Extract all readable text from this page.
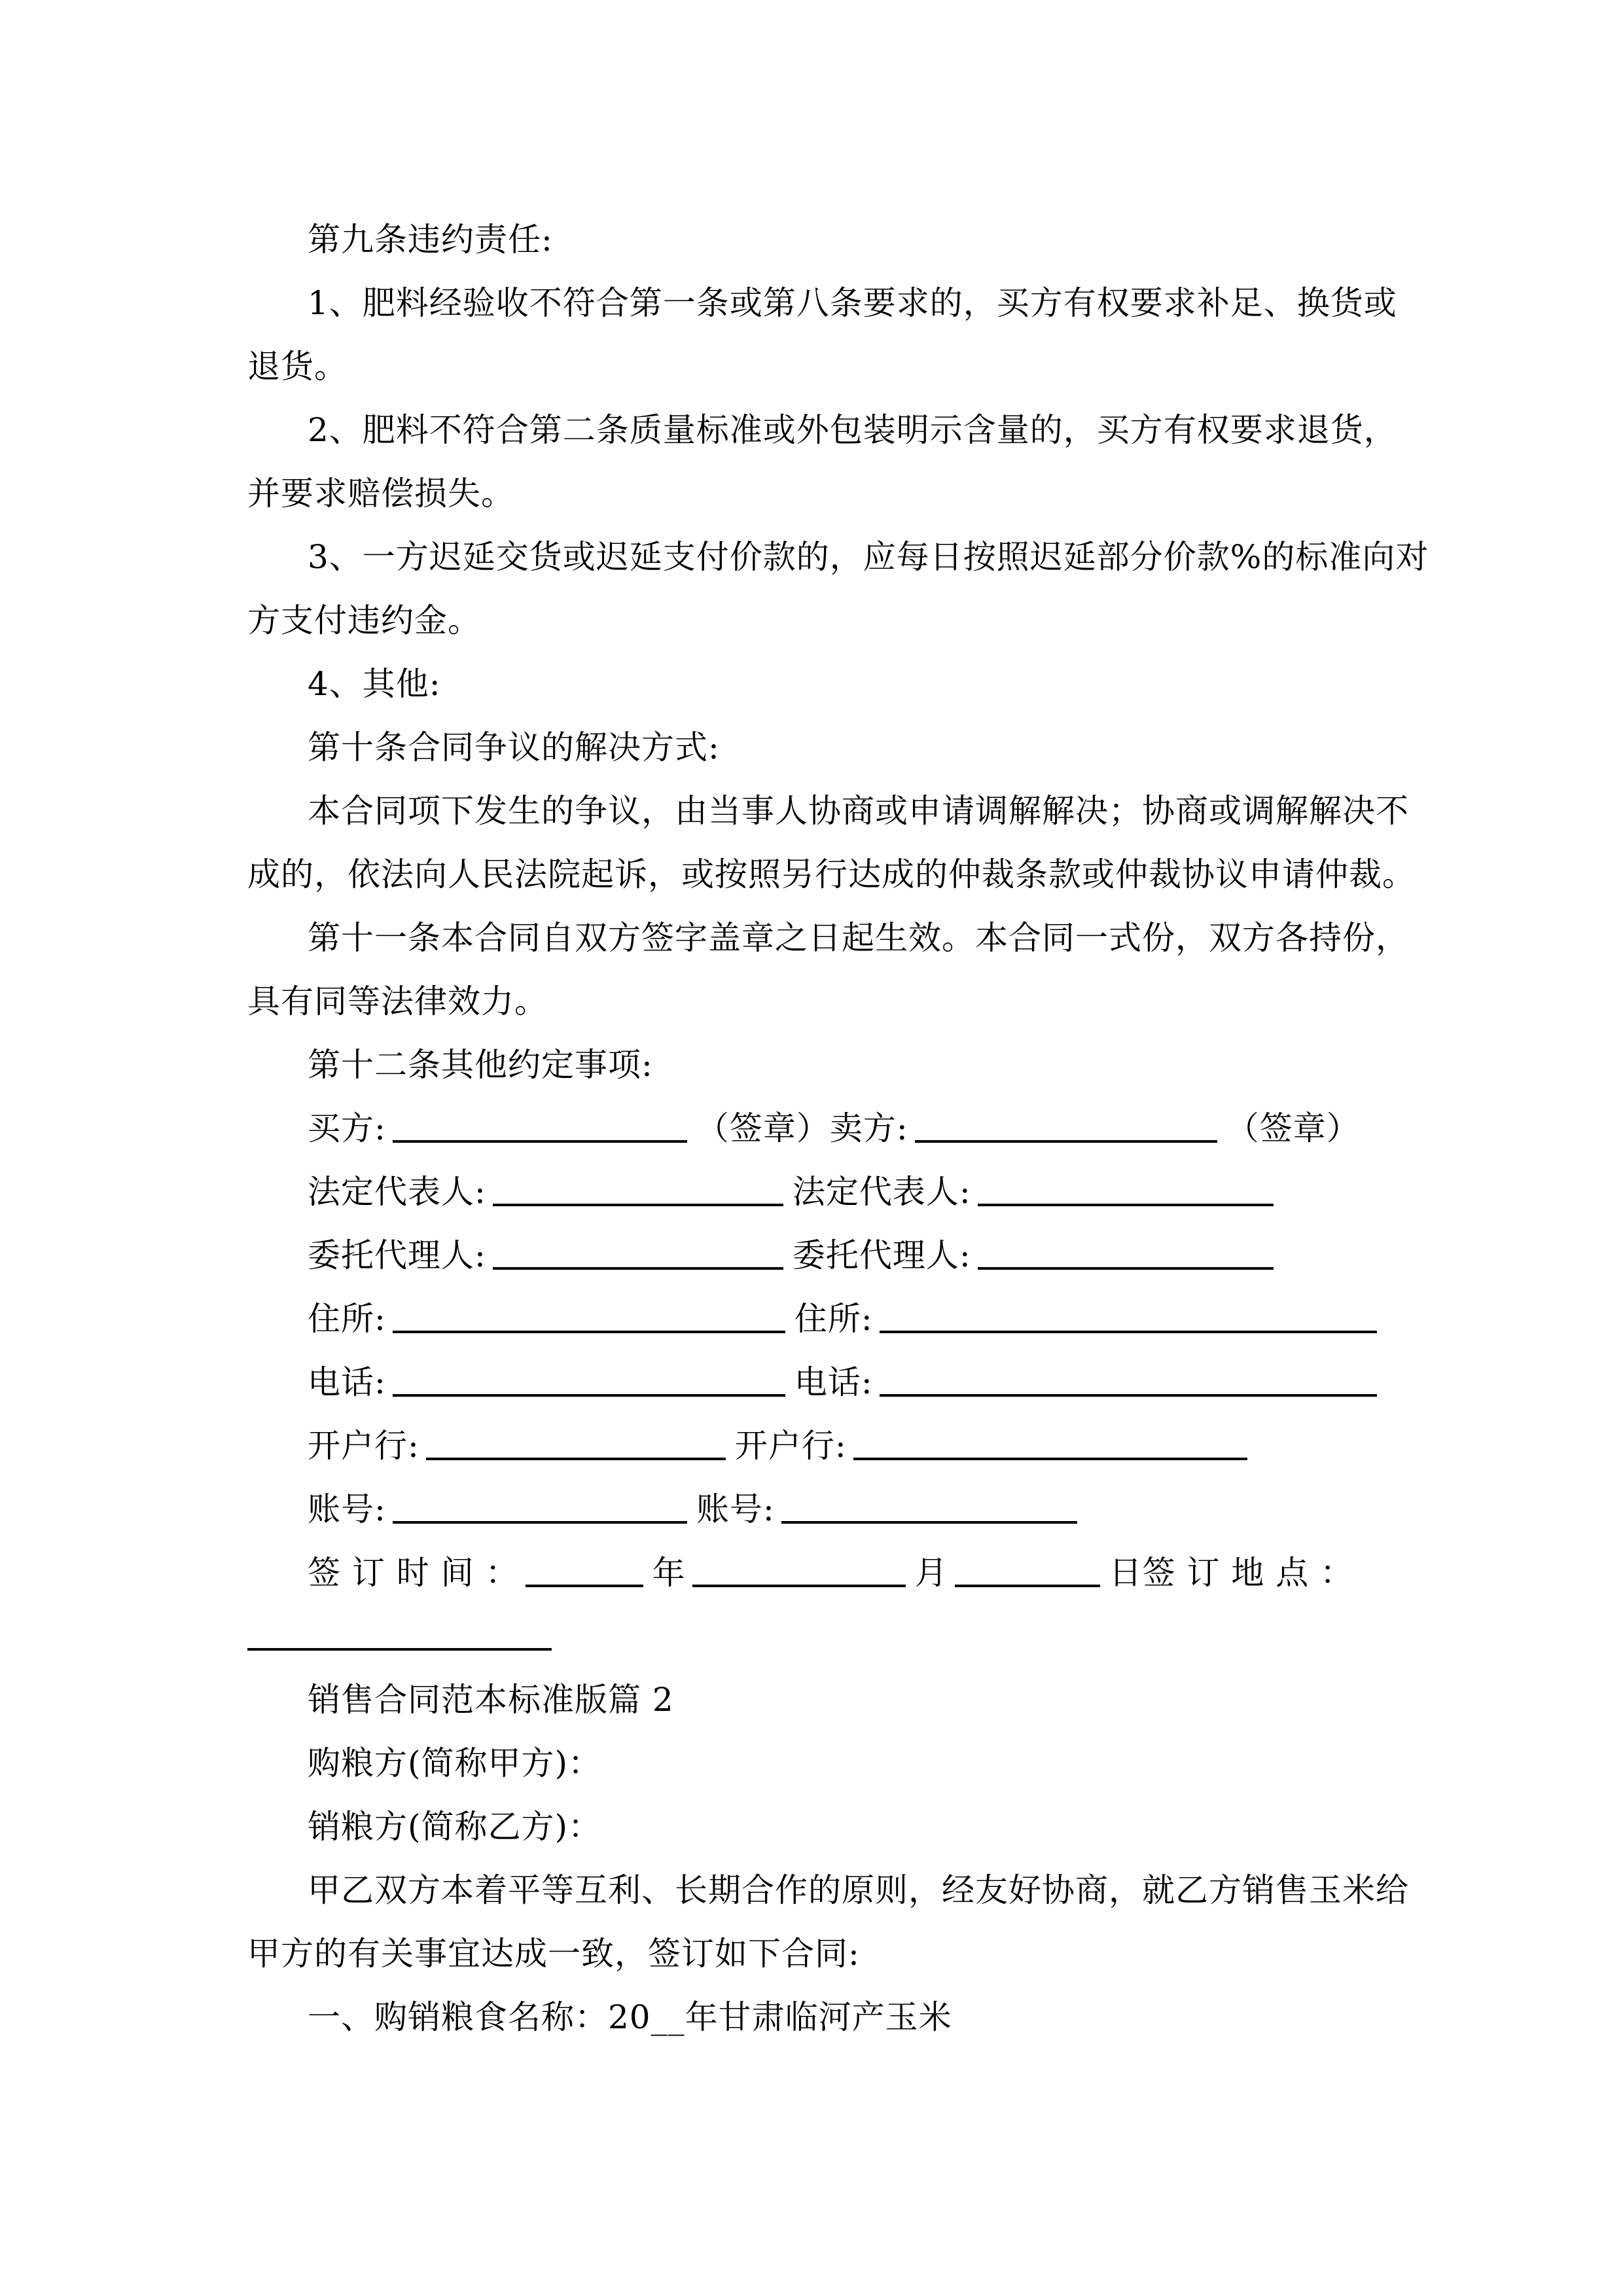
第九条违约责任:
1、肥料经验收不符合第一条或第八条要求的，买方有权要求补足、换货或
退货。
2、肥料不符合第二条质量标准或外包装明示含量的，买方有权要求退货，
并要求赔偿损失。
3、一方迟延交货或迟延支付价款的，应每日按照迟延部分价款%的标准向对
方支付违约金。
4、其他:
第十条合同争议的解决方式:
本合同项下发生的争议，由当事人协商或申请调解解决；协商或调解解决不
成的，依法向人民法院起诉，或按照另行达成的仲裁条款或仲裁协议申请仲裁。
第十一条本合同自双方签字盖章之日起生效。本合同一式份，双方各持份，
具有同等法律效力。
第十二条其他约定事项:
买方:	（签章）卖方:	（签章）
法定代表人:	法定代表人:
委托代理人:	委托代理人:
住所:	住所:
电话:	电话:
开户行:	开户行:
账号:	账号:
签 订 时 间 ：	年	月	日签 订 地 点 ：
销售合同范本标准版篇 2
购粮方(简称甲方)：
销粮方(简称乙方)：
甲乙双方本着平等互利、长期合作的原则，经友好协商，就乙方销售玉米给
甲方的有关事宜达成一致，签订如下合同:
一、购销粮食名称：20__年甘肃临河产玉米
